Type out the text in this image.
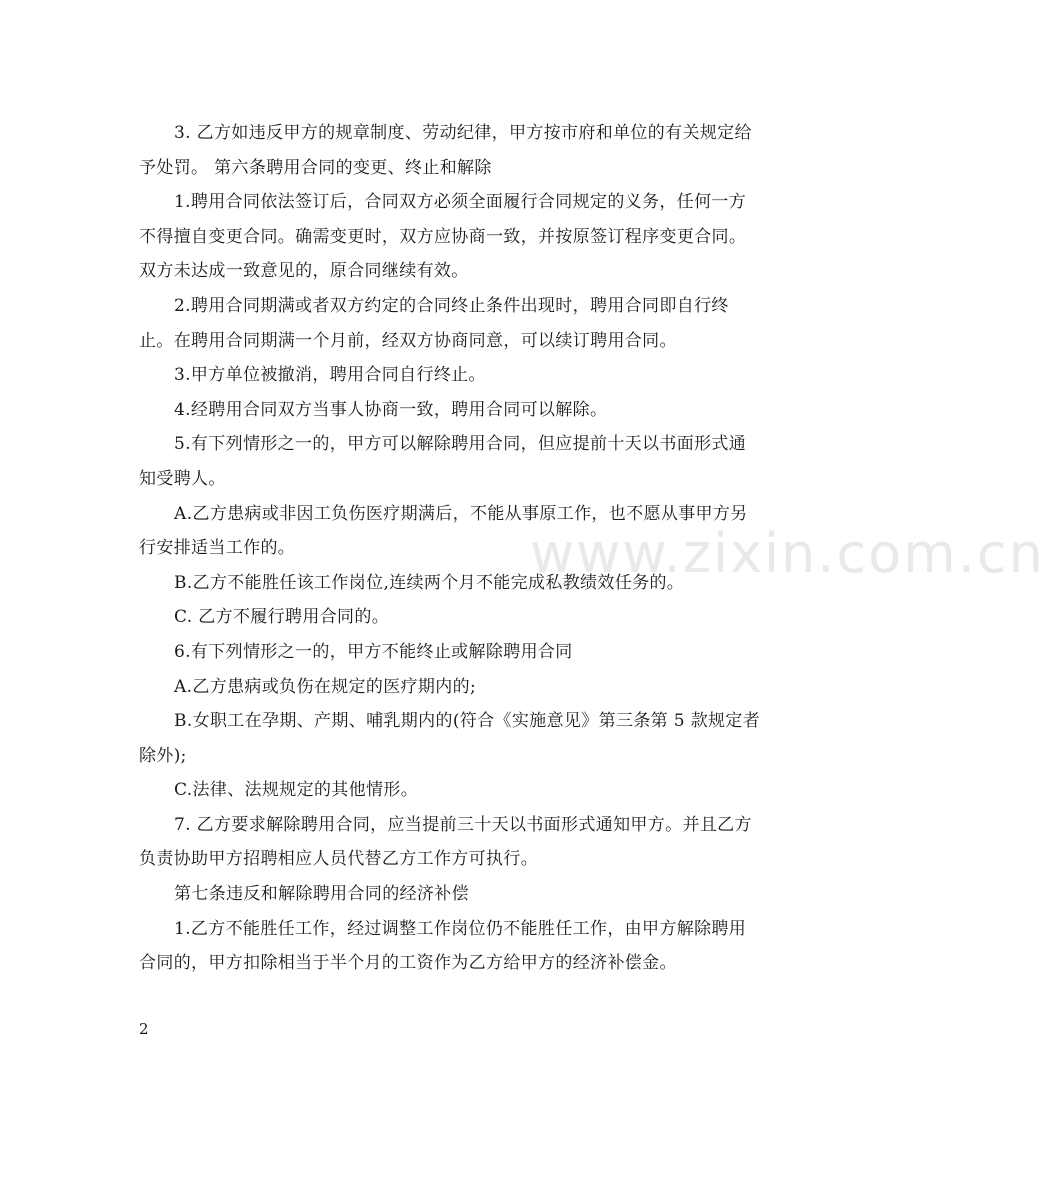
www.zixin.com.cn
3. 乙方如违反甲方的规章制度、劳动纪律，甲方按市府和单位的有关规定给
予处罚。 第六条聘用合同的变更、终止和解除
1.聘用合同依法签订后，合同双方必须全面履行合同规定的义务，任何一方
不得擅自变更合同。确需变更时，双方应协商一致，并按原签订程序变更合同。
双方未达成一致意见的，原合同继续有效。
2.聘用合同期满或者双方约定的合同终止条件出现时，聘用合同即自行终
止。在聘用合同期满一个月前，经双方协商同意，可以续订聘用合同。
3.甲方单位被撤消，聘用合同自行终止。
4.经聘用合同双方当事人协商一致，聘用合同可以解除。
5.有下列情形之一的，甲方可以解除聘用合同，但应提前十天以书面形式通
知受聘人。
A.乙方患病或非因工负伤医疗期满后，不能从事原工作，也不愿从事甲方另
行安排适当工作的。
B.乙方不能胜任该工作岗位,连续两个月不能完成私教绩效任务的。
C. 乙方不履行聘用合同的。
6.有下列情形之一的，甲方不能终止或解除聘用合同
A.乙方患病或负伤在规定的医疗期内的;
B.女职工在孕期、产期、哺乳期内的(符合《实施意见》第三条第 5 款规定者
除外);
C.法律、法规规定的其他情形。
7. 乙方要求解除聘用合同，应当提前三十天以书面形式通知甲方。并且乙方
负责协助甲方招聘相应人员代替乙方工作方可执行。
第七条违反和解除聘用合同的经济补偿
1.乙方不能胜任工作，经过调整工作岗位仍不能胜任工作，由甲方解除聘用
合同的，甲方扣除相当于半个月的工资作为乙方给甲方的经济补偿金。
2
